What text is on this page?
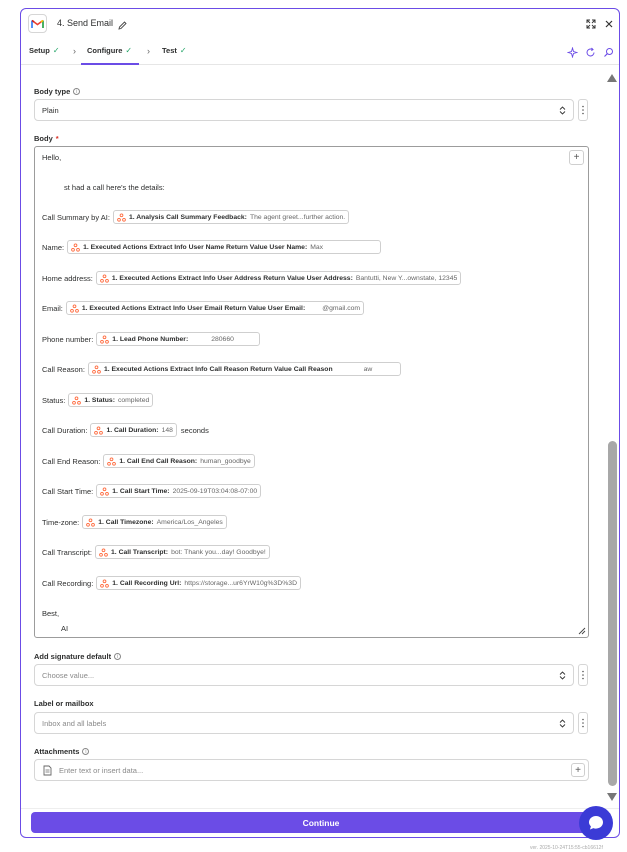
4. Send Email
Setup ✓ › Configure ✓ › Test ✓
Body type	i
Plain
Body *
+
Hello,
st had a call here's the details:
Call Summary by AI:	1. Analysis Call Summary Feedback: The agent greet...further action.
Name:	1. Executed Actions Extract Info User Name Return Value User Name: Max
Home address:	1. Executed Actions Extract Info User Address Return Value User Address: Bantutti, New Y...ownstate, 12345
Email:	1. Executed Actions Extract Info User Email Return Value User Email:	@gmail.com
Phone number:	1. Lead Phone Number:	280660
Call Reason:	1. Executed Actions Extract Info Call Reason Return Value Call Reason	aw
Status:	1. Status: completed
Call Duration:	1. Call Duration: 148 seconds
Call End Reason:	1. Call End Call Reason: human_goodbye
Call Start Time:	1. Call Start Time: 2025-09-19T03:04:08-07:00
Time-zone:	1. Call Timezone: America/Los_Angeles
Call Transcript:	1. Call Transcript: bot: Thank you...day! Goodbye!
Call Recording:	1. Call Recording Url: https://storage...ur6YrW10g%3D%3D
Best,
AI
Add signature default	i
Choose value...
Label or mailbox
Inbox and all labels
Attachments	i
Enter text or insert data...	+
Continue
ver. 2025-10-24T15:55-cb16612f
